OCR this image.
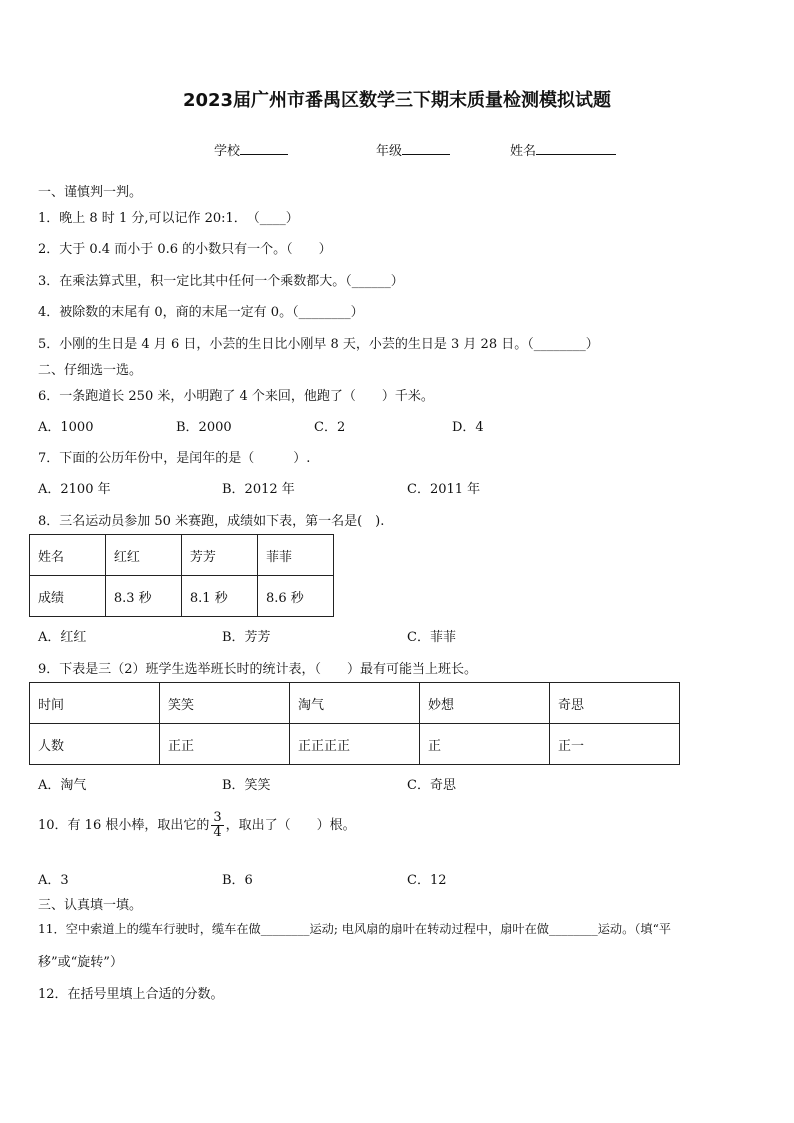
2023届广州市番禺区数学三下期末质量检测模拟试题
学校	年级	姓名
一、谨慎判一判。
1．晚上 8 时 1 分,可以记作 20:1．　（____）
2．大于 0.4 而小于 0.6 的小数只有一个。（　　）
3．在乘法算式里，积一定比其中任何一个乘数都大。（______）
4．被除数的末尾有 0，商的末尾一定有 0。（________）
5．小刚的生日是 4 月 6 日，小芸的生日比小刚早 8 天，小芸的生日是 3 月 28 日。（________）
二、仔细选一选。
6．一条跑道长 250 米，小明跑了 4 个来回，他跑了（　　）千米。
A．1000	B．2000	C．2	D．4
7．下面的公历年份中，是闰年的是（　　　）.
A．2100 年	B．2012 年	C．2011 年
8．三名运动员参加 50 米赛跑，成绩如下表，第一名是(　).
姓名	红红	芳芳	菲菲
成绩	8.3 秒	8.1 秒	8.6 秒
A．红红	B．芳芳	C．菲菲
9．下表是三（2）班学生选举班长时的统计表，（　　）最有可能当上班长。
时间	笑笑	淘气	妙想	奇思
人数	正正	正正正正	正	正一
A．淘气	B．笑笑	C．奇思
10．有 16 根小棒，取出它的 $\frac{3}{4}$ ，取出了（　　）根。
A．3	B．6	C．12
三、认真填一填。
11．空中索道上的缆车行驶时，缆车在做________运动; 电风扇的扇叶在转动过程中，扇叶在做________运动。（填“平
移”或“旋转”）
12．在括号里填上合适的分数。
